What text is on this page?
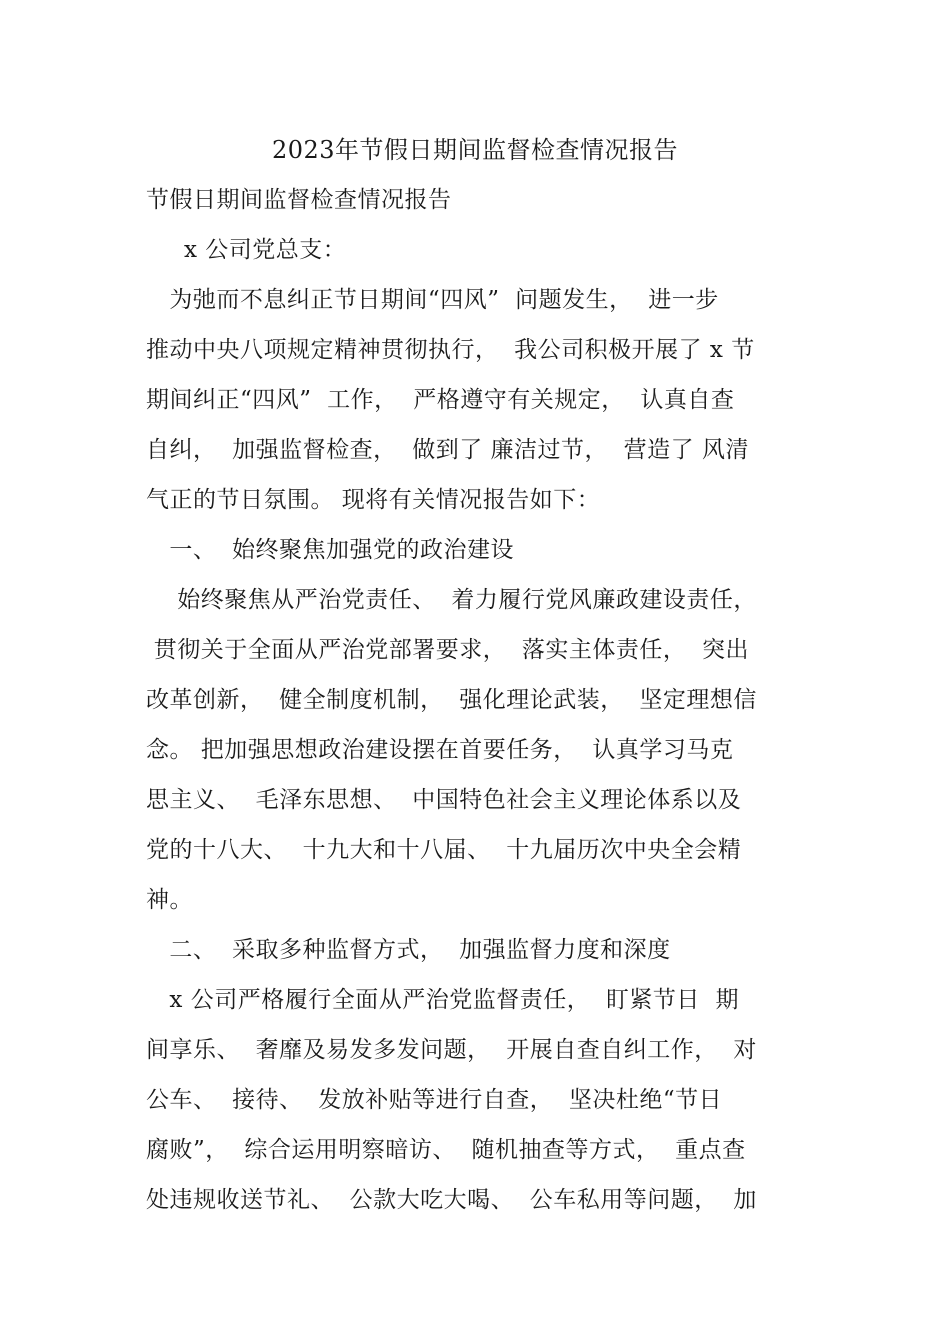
2023年节假日期间监督检查情况报告
节假日期间监督检查情况报告
x 公司党总支：
为弛而不息纠正节日期间“四风”  问题发生，  进一步
推动中央八项规定精神贯彻执行，  我公司积极开展了 x 节
期间纠正“四风”  工作，  严格遵守有关规定，  认真自查
自纠，  加强监督检查，  做到了 廉洁过节，  营造了 风清
气正的节日氛围。 现将有关情况报告如下：
一、  始终聚焦加强党的政治建设
始终聚焦从严治党责任、  着力履行党风廉政建设责任，
贯彻关于全面从严治党部署要求，  落实主体责任，  突出
改革创新，  健全制度机制，  强化理论武装，  坚定理想信
念。 把加强思想政治建设摆在首要任务，  认真学习马克
思主义、  毛泽东思想、  中国特色社会主义理论体系以及
党的十八大、  十九大和十八届、  十九届历次中央全会精
神。
二、  采取多种监督方式，  加强监督力度和深度
x 公司严格履行全面从严治党监督责任，  盯紧节日  期
间享乐、  奢靡及易发多发问题，  开展自查自纠工作，  对
公车、  接待、  发放补贴等进行自查，  坚决杜绝“节日
腐败”，  综合运用明察暗访、  随机抽查等方式，  重点查
处违规收送节礼、  公款大吃大喝、  公车私用等问题，  加
